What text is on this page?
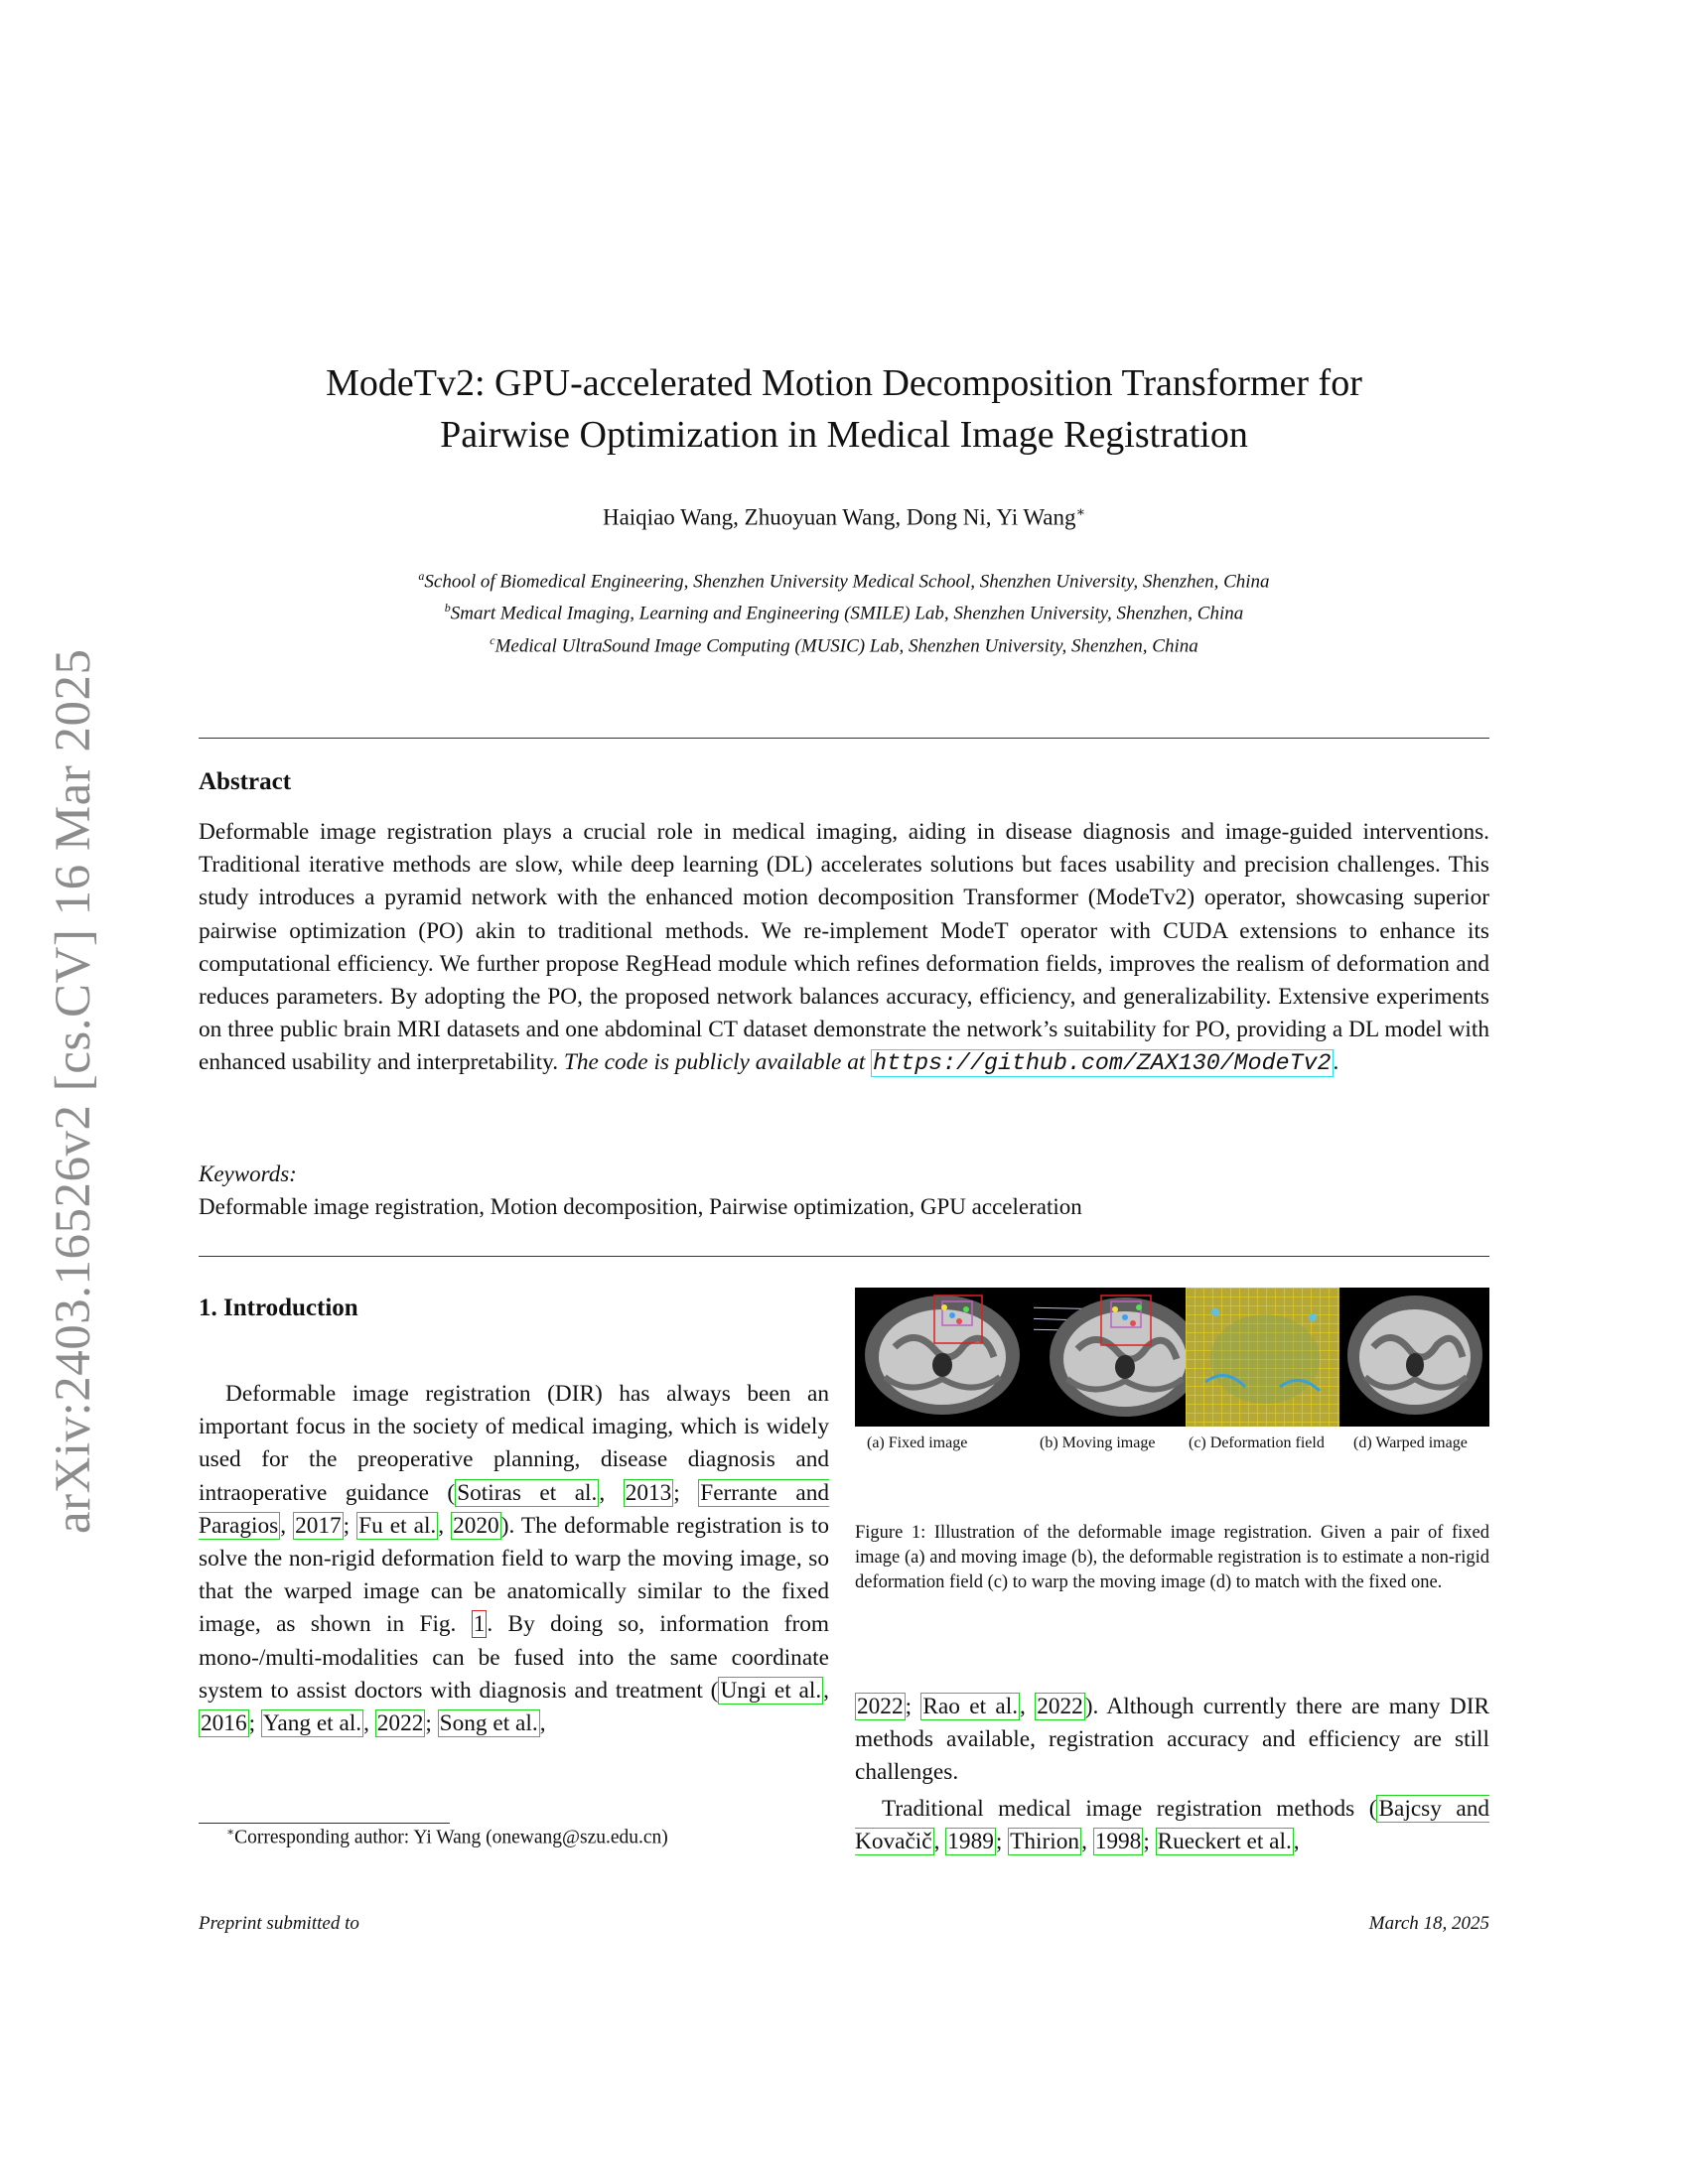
arXiv:2403.16526v2 [cs.CV] 16 Mar 2025
ModeTv2: GPU-accelerated Motion Decomposition Transformer for
Pairwise Optimization in Medical Image Registration
Haiqiao Wang, Zhuoyuan Wang, Dong Ni, Yi Wang∗
$^a$School of Biomedical Engineering, Shenzhen University Medical School, Shenzhen University, Shenzhen, China
$^b$Smart Medical Imaging, Learning and Engineering (SMILE) Lab, Shenzhen University, Shenzhen, China
$^c$Medical UltraSound Image Computing (MUSIC) Lab, Shenzhen University, Shenzhen, China
Abstract
Deformable image registration plays a crucial role in medical imaging, aiding in disease diagnosis and image-guided interventions. Traditional iterative methods are slow, while deep learning (DL) accelerates solutions but faces usability and precision challenges. This study introduces a pyramid network with the enhanced motion decomposition Transformer (ModeTv2) operator, showcasing superior pairwise optimization (PO) akin to traditional methods. We re-implement ModeT operator with CUDA extensions to enhance its computational efficiency. We further propose RegHead module which refines deformation fields, improves the realism of deformation and reduces parameters. By adopting the PO, the proposed network balances accuracy, efficiency, and generalizability. Extensive experiments on three public brain MRI datasets and one abdominal CT dataset demonstrate the network’s suitability for PO, providing a DL model with enhanced usability and interpretability. The code is publicly available at https://github.com/ZAX130/ModeTv2.
Keywords:
Deformable image registration, Motion decomposition, Pairwise optimization, GPU acceleration
1. Introduction
Deformable image registration (DIR) has always been an important focus in the society of medical imaging, which is widely used for the preoperative planning, disease diagnosis and intraoperative guidance (Sotiras et al., 2013; Ferrante and Paragios, 2017; Fu et al., 2020). The deformable registration is to solve the non-rigid deformation field to warp the moving image, so that the warped image can be anatomically similar to the fixed image, as shown in Fig. 1. By doing so, information from mono-/multi-modalities can be fused into the same coordinate system to assist doctors with diagnosis and treatment (Ungi et al., 2016; Yang et al., 2022; Song et al.,
∗Corresponding author: Yi Wang (onewang@szu.edu.cn)
(a) Fixed image	(b) Moving image (c) Deformation field (d) Warped image
Figure 1: Illustration of the deformable image registration. Given a pair of fixed image (a) and moving image (b), the deformable registration is to estimate a non-rigid deformation field (c) to warp the moving image (d) to match with the fixed one.
2022; Rao et al., 2022). Although currently there are many DIR methods available, registration accuracy and efficiency are still challenges.
Traditional medical image registration methods (Bajcsy and Kovačič, 1989; Thirion, 1998; Rueckert et al.,
Preprint submitted to	March 18, 2025
